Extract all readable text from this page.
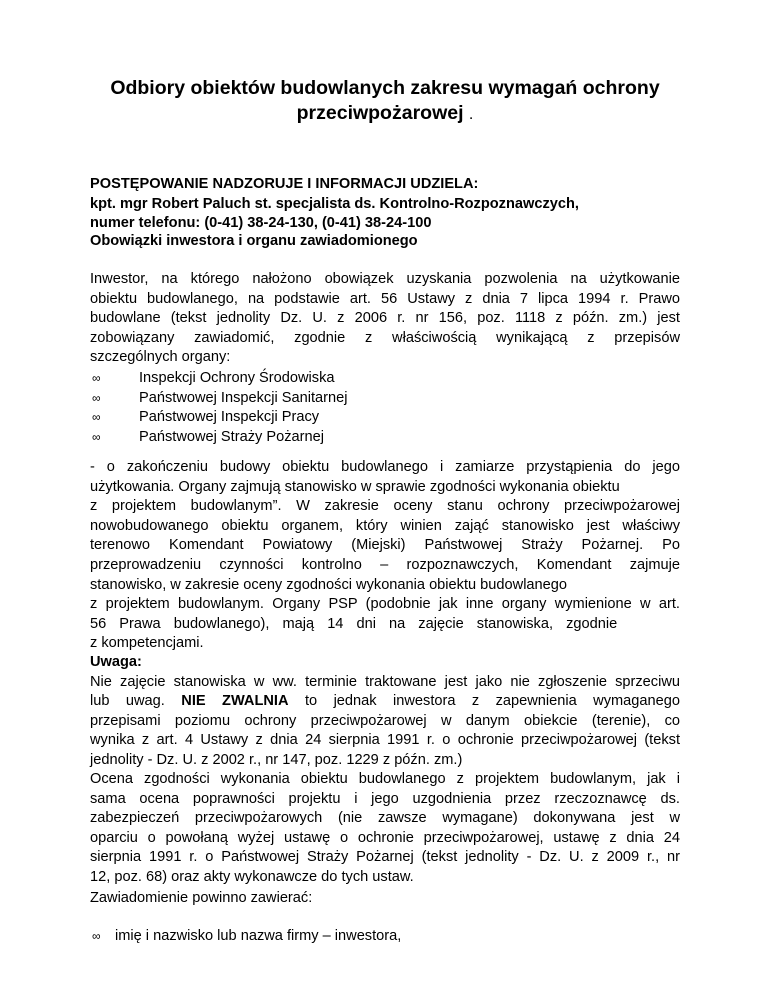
Odbiory obiektów budowlanych zakresu wymagań ochrony przeciwpożarowej .
POSTĘPOWANIE NADZORUJE I INFORMACJI UDZIELA:
kpt. mgr Robert Paluch st. specjalista ds. Kontrolno-Rozpoznawczych,
numer telefonu: (0-41) 38-24-130, (0-41) 38-24-100
Obowiązki inwestora i organu zawiadomionego
Inwestor, na którego nałożono obowiązek uzyskania pozwolenia na użytkowanie
obiektu budowlanego, na podstawie art. 56 Ustawy z dnia 7 lipca 1994 r. Prawo
budowlane (tekst jednolity Dz. U. z 2006 r. nr 156, poz. 1118 z późn. zm.) jest
zobowiązany zawiadomić, zgodnie z właściwością wynikającą z przepisów
szczególnych organy:
∞	Inspekcji Ochrony Środowiska
∞	Państwowej Inspekcji Sanitarnej
∞	Państwowej Inspekcji Pracy
∞	Państwowej Straży Pożarnej
- o zakończeniu budowy obiektu budowlanego i zamiarze przystąpienia do jego
użytkowania. Organy zajmują stanowisko w sprawie zgodności wykonania obiektu
z projektem budowlanym”. W zakresie oceny stanu ochrony przeciwpożarowej
nowobudowanego obiektu organem, który winien zająć stanowisko jest właściwy
terenowo Komendant Powiatowy (Miejski) Państwowej Straży Pożarnej. Po
przeprowadzeniu czynności kontrolno – rozpoznawczych, Komendant zajmuje
stanowisko, w zakresie oceny zgodności wykonania obiektu budowlanego
z projektem budowlanym. Organy PSP (podobnie jak inne organy wymienione w art.
56 Prawa budowlanego), mają 14 dni na zajęcie stanowiska, zgodnie
z kompetencjami.
Uwaga:
Nie zajęcie stanowiska w ww. terminie traktowane jest jako nie zgłoszenie sprzeciwu
lub uwag. NIE ZWALNIA to jednak inwestora z zapewnienia wymaganego
przepisami poziomu ochrony przeciwpożarowej w danym obiekcie (terenie), co
wynika z art. 4 Ustawy z dnia 24 sierpnia 1991 r. o ochronie przeciwpożarowej (tekst
jednolity - Dz. U. z 2002 r., nr 147, poz. 1229 z późn. zm.)
Ocena zgodności wykonania obiektu budowlanego z projektem budowlanym, jak i
sama ocena poprawności projektu i jego uzgodnienia przez rzeczoznawcę ds.
zabezpieczeń przeciwpożarowych (nie zawsze wymagane) dokonywana jest w
oparciu o powołaną wyżej ustawę o ochronie przeciwpożarowej, ustawę z dnia 24
sierpnia 1991 r. o Państwowej Straży Pożarnej (tekst jednolity - Dz. U. z 2009 r., nr
12, poz. 68) oraz akty wykonawcze do tych ustaw.
Zawiadomienie powinno zawierać:
∞ imię i nazwisko lub nazwa firmy – inwestora,
